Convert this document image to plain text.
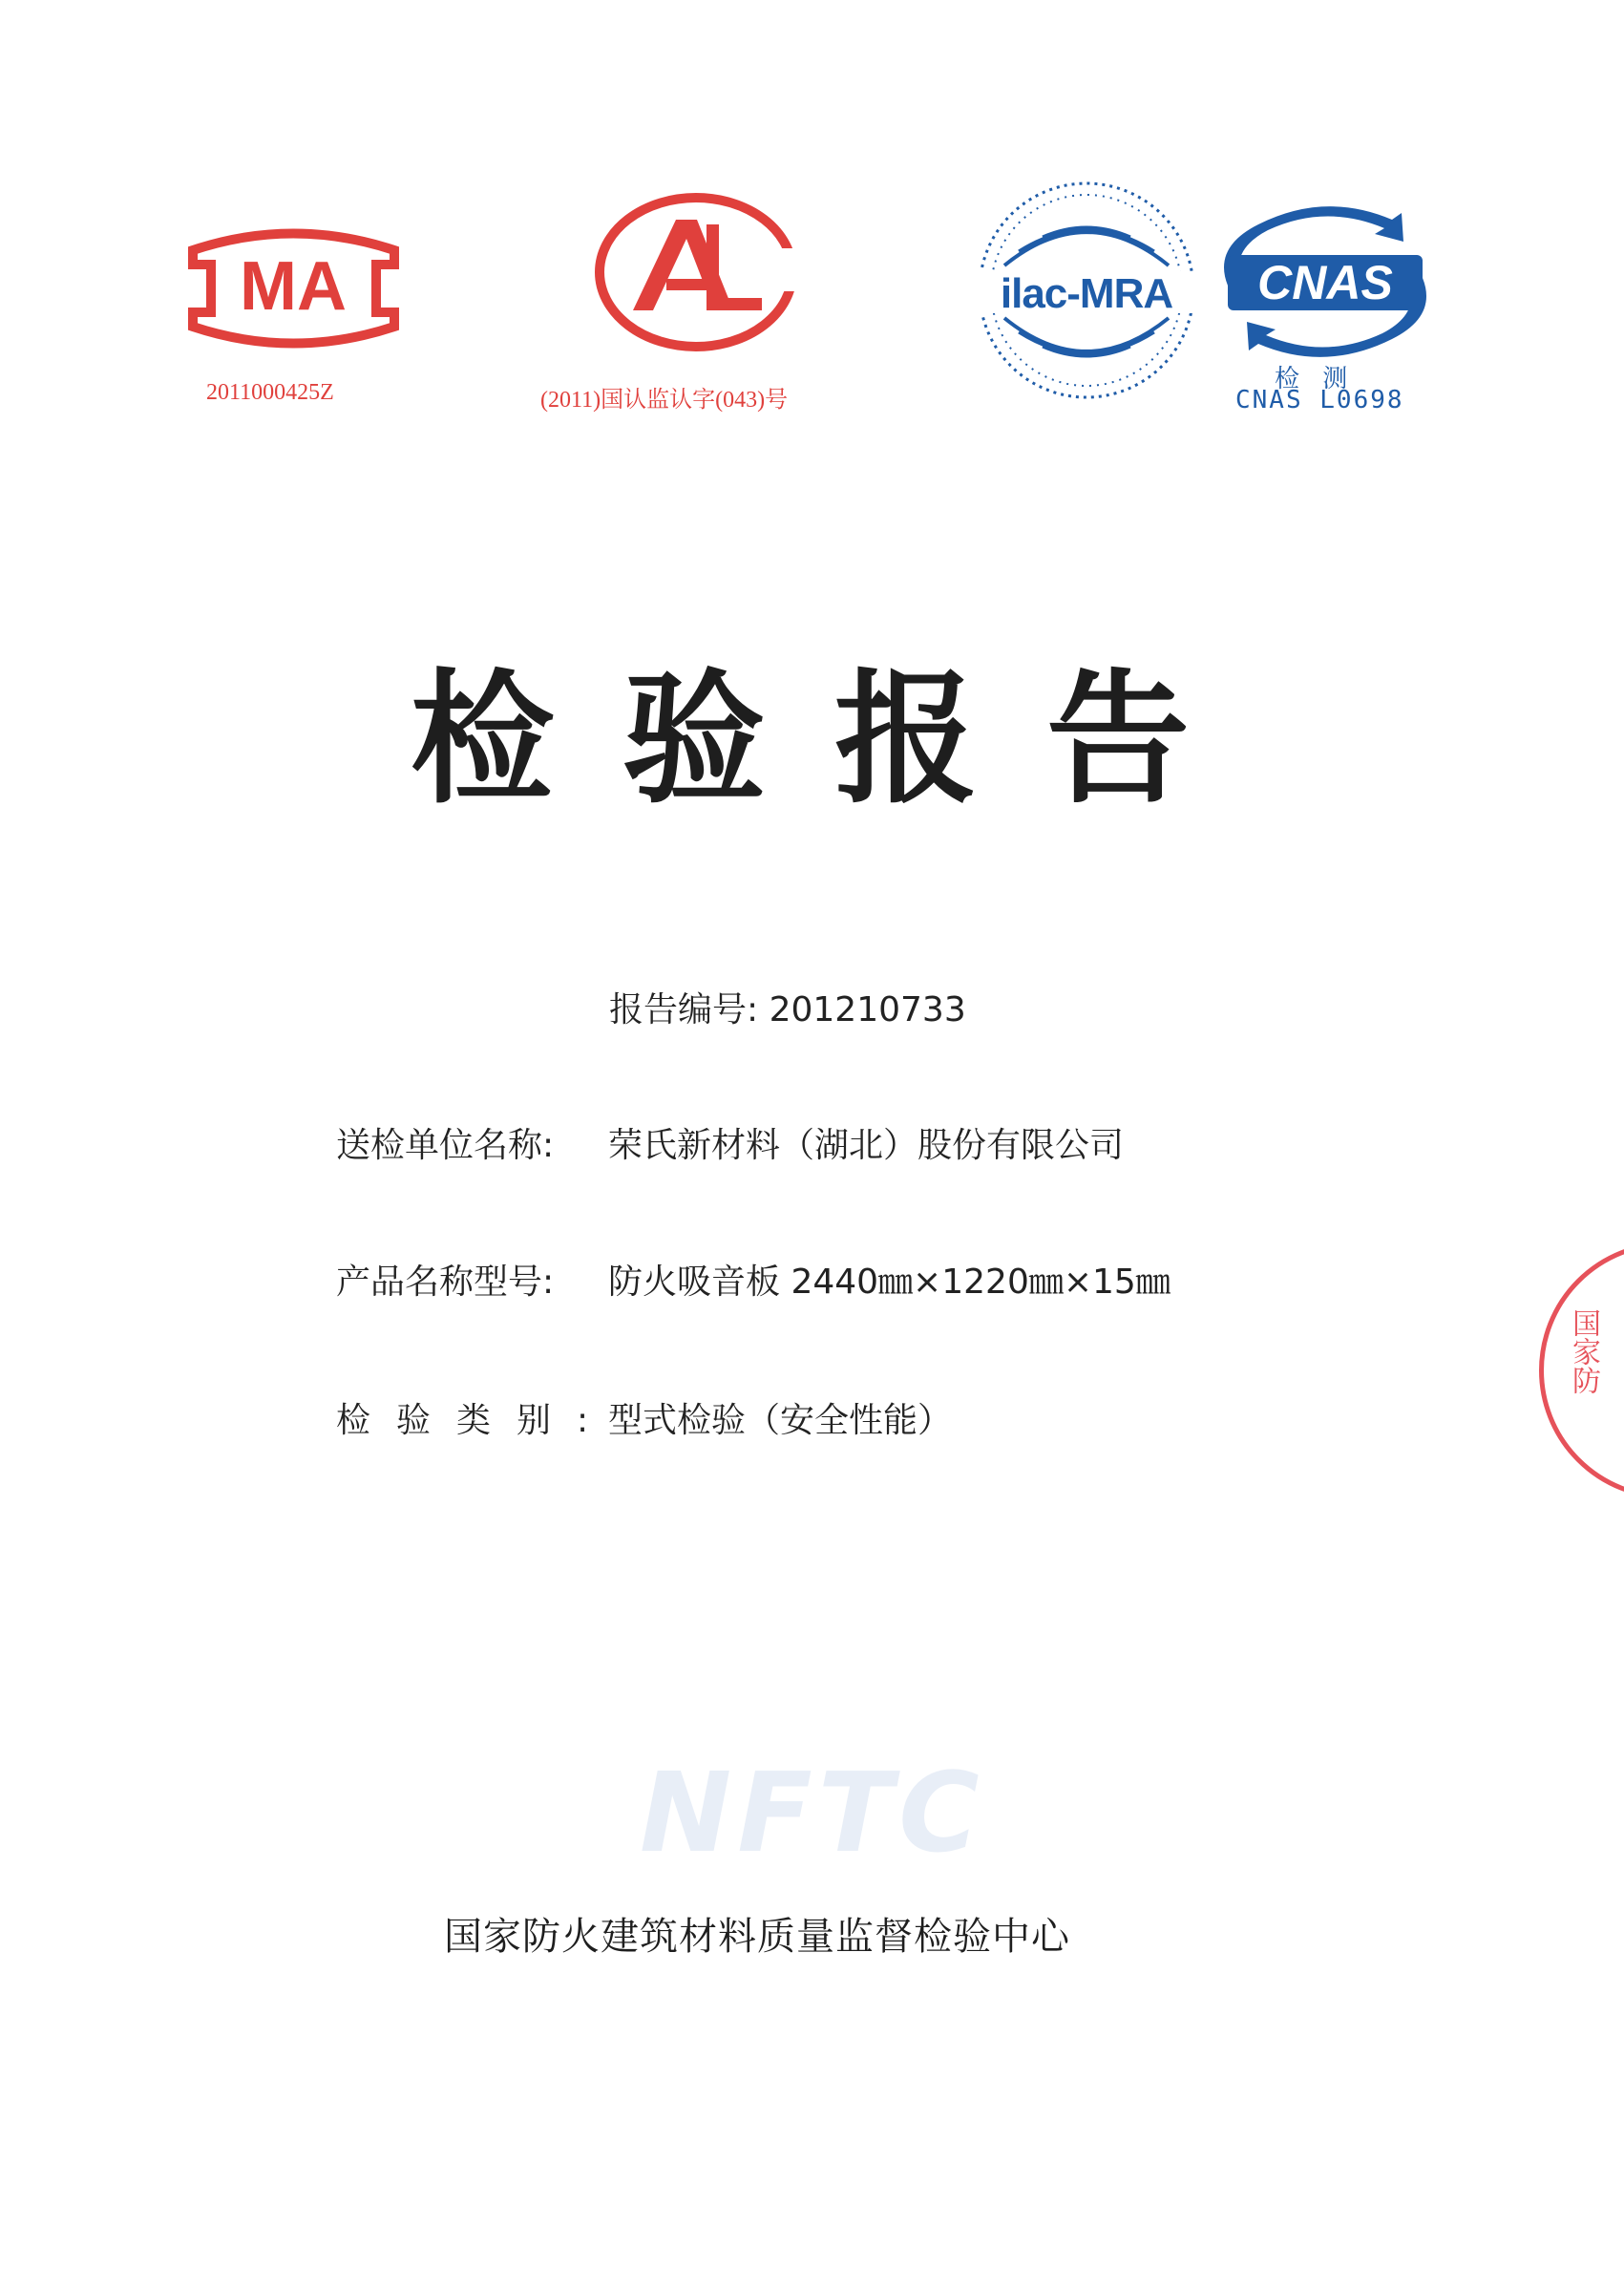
MA
2011000425Z	(2011)国认监认字(043)号
ilac-MRA CNAS
检 测
CNAS L0698
检 验 报 告
报告编号: 201210733
送检单位名称: 荣氏新材料（湖北）股份有限公司
产品名称型号: 防火吸音板 2440㎜×1220㎜×15㎜
检验类别:型式检验（安全性能）
NFTC
国家防火建筑材料质量监督检验中心
国家防
